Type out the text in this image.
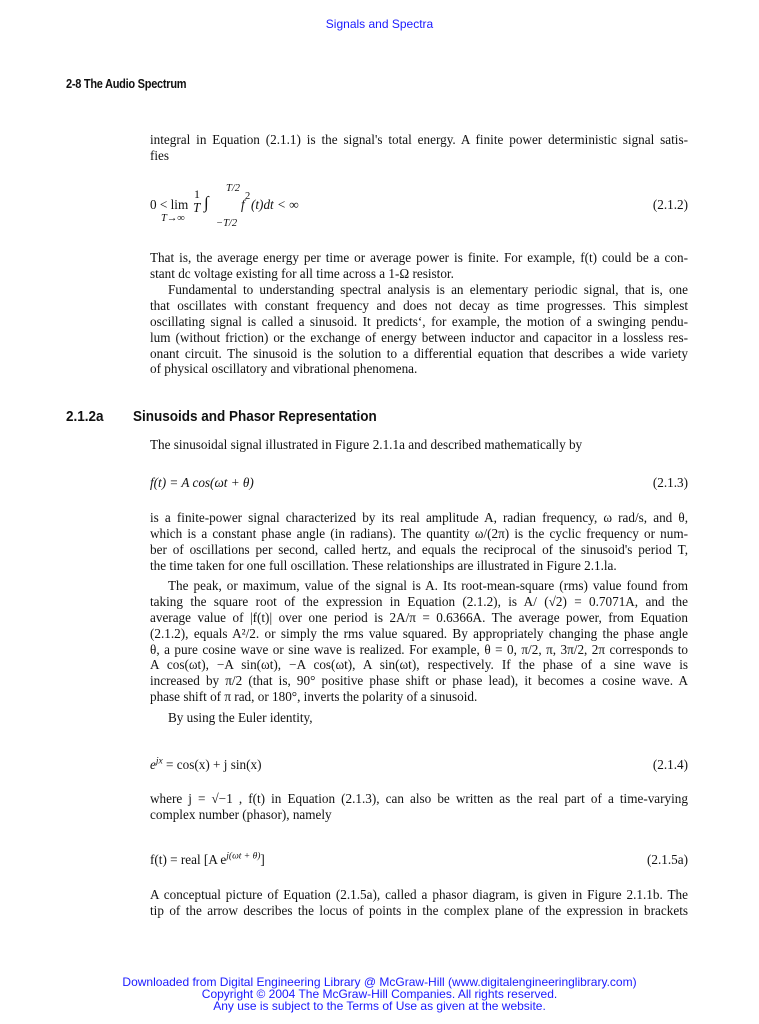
Signals and Spectra
2-8 The Audio Spectrum
integral in Equation (2.1.1) is the signal's total energy. A finite power deterministic signal satis-
fies
0 < lim
1
T
T→∞
∫
T/2
−T/2
f
2
(t)dt < ∞	(2.1.2)
That is, the average energy per time or average power is finite. For example, f(t) could be a con-
stant dc voltage existing for all time across a 1-Ω resistor.
Fundamental to understanding spectral analysis is an elementary periodic signal, that is, one
that oscillates with constant frequency and does not decay as time progresses. This simplest
oscillating signal is called a sinusoid. It predicts‘, for example, the motion of a swinging pendu-
lum (without friction) or the exchange of energy between inductor and capacitor in a lossless res-
onant circuit. The sinusoid is the solution to a differential equation that describes a wide variety
of physical oscillatory and vibrational phenomena.
2.1.2a Sinusoids and Phasor Representation
The sinusoidal signal illustrated in Figure 2.1.1a and described mathematically by
f(t) = A cos(ωt + θ)	(2.1.3)
is a finite-power signal characterized by its real amplitude A, radian frequency, ω rad/s, and θ,
which is a constant phase angle (in radians). The quantity ω/(2π) is the cyclic frequency or num-
ber of oscillations per second, called hertz, and equals the reciprocal of the sinusoid's period T,
the time taken for one full oscillation. These relationships are illustrated in Figure 2.1.la.
The peak, or maximum, value of the signal is A. Its root-mean-square (rms) value found from
taking the square root of the expression in Equation (2.1.2), is A/ (√2) = 0.7071A, and the
average value of |f(t)| over one period is 2A/π = 0.6366A. The average power, from Equation
(2.1.2), equals A²/2. or simply the rms value squared. By appropriately changing the phase angle
θ, a pure cosine wave or sine wave is realized. For example, θ = 0, π/2, π, 3π/2, 2π corresponds to
A cos(ωt), −A sin(ωt), −A cos(ωt), A sin(ωt), respectively. If the phase of a sine wave is
increased by π/2 (that is, 90° positive phase shift or phase lead), it becomes a cosine wave. A
phase shift of π rad, or 180°, inverts the polarity of a sinusoid.
By using the Euler identity,
$e^{jx} = \cos(x) + j$ sin(x)	(2.1.4)
where j = √−1 , f(t) in Equation (2.1.3), can also be written as the real part of a time-varying
complex number (phasor), namely
f(t) = real [A $e^{j(\omega t + \theta)}$]	(2.1.5a)
A conceptual picture of Equation (2.1.5a), called a phasor diagram, is given in Figure 2.1.1b. The
tip of the arrow describes the locus of points in the complex plane of the expression in brackets
Downloaded from Digital Engineering Library @ McGraw-Hill (www.digitalengineeringlibrary.com)
Copyright © 2004 The McGraw-Hill Companies. All rights reserved.
Any use is subject to the Terms of Use as given at the website.
